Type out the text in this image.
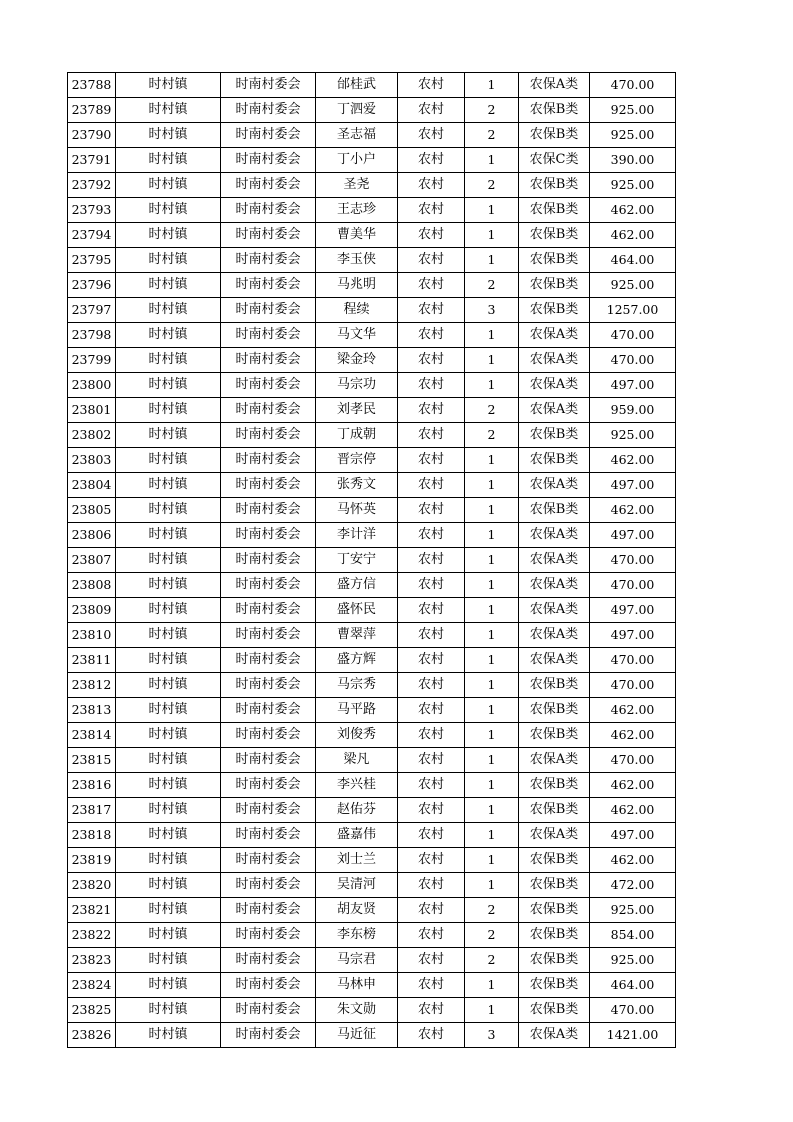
23788	时村镇	时南村委会	邰桂武	农村	1	农保A类	470.00
23789	时村镇	时南村委会	丁泗爱	农村	2	农保B类	925.00
23790	时村镇	时南村委会	圣志福	农村	2	农保B类	925.00
23791	时村镇	时南村委会	丁小户	农村	1	农保C类	390.00
23792	时村镇	时南村委会	圣尧	农村	2	农保B类	925.00
23793	时村镇	时南村委会	王志珍	农村	1	农保B类	462.00
23794	时村镇	时南村委会	曹美华	农村	1	农保B类	462.00
23795	时村镇	时南村委会	李玉侠	农村	1	农保B类	464.00
23796	时村镇	时南村委会	马兆明	农村	2	农保B类	925.00
23797	时村镇	时南村委会	程续	农村	3	农保B类	1257.00
23798	时村镇	时南村委会	马文华	农村	1	农保A类	470.00
23799	时村镇	时南村委会	梁金玲	农村	1	农保A类	470.00
23800	时村镇	时南村委会	马宗功	农村	1	农保A类	497.00
23801	时村镇	时南村委会	刘孝民	农村	2	农保A类	959.00
23802	时村镇	时南村委会	丁成朝	农村	2	农保B类	925.00
23803	时村镇	时南村委会	晋宗停	农村	1	农保B类	462.00
23804	时村镇	时南村委会	张秀文	农村	1	农保A类	497.00
23805	时村镇	时南村委会	马怀英	农村	1	农保B类	462.00
23806	时村镇	时南村委会	李计洋	农村	1	农保A类	497.00
23807	时村镇	时南村委会	丁安宁	农村	1	农保A类	470.00
23808	时村镇	时南村委会	盛方信	农村	1	农保A类	470.00
23809	时村镇	时南村委会	盛怀民	农村	1	农保A类	497.00
23810	时村镇	时南村委会	曹翠萍	农村	1	农保A类	497.00
23811	时村镇	时南村委会	盛方辉	农村	1	农保A类	470.00
23812	时村镇	时南村委会	马宗秀	农村	1	农保B类	470.00
23813	时村镇	时南村委会	马平路	农村	1	农保B类	462.00
23814	时村镇	时南村委会	刘俊秀	农村	1	农保B类	462.00
23815	时村镇	时南村委会	梁凡	农村	1	农保A类	470.00
23816	时村镇	时南村委会	李兴桂	农村	1	农保B类	462.00
23817	时村镇	时南村委会	赵佑芬	农村	1	农保B类	462.00
23818	时村镇	时南村委会	盛嘉伟	农村	1	农保A类	497.00
23819	时村镇	时南村委会	刘士兰	农村	1	农保B类	462.00
23820	时村镇	时南村委会	吴清河	农村	1	农保B类	472.00
23821	时村镇	时南村委会	胡友贤	农村	2	农保B类	925.00
23822	时村镇	时南村委会	李东榜	农村	2	农保B类	854.00
23823	时村镇	时南村委会	马宗君	农村	2	农保B类	925.00
23824	时村镇	时南村委会	马林申	农村	1	农保B类	464.00
23825	时村镇	时南村委会	朱文勋	农村	1	农保B类	470.00
23826	时村镇	时南村委会	马近征	农村	3	农保A类	1421.00
